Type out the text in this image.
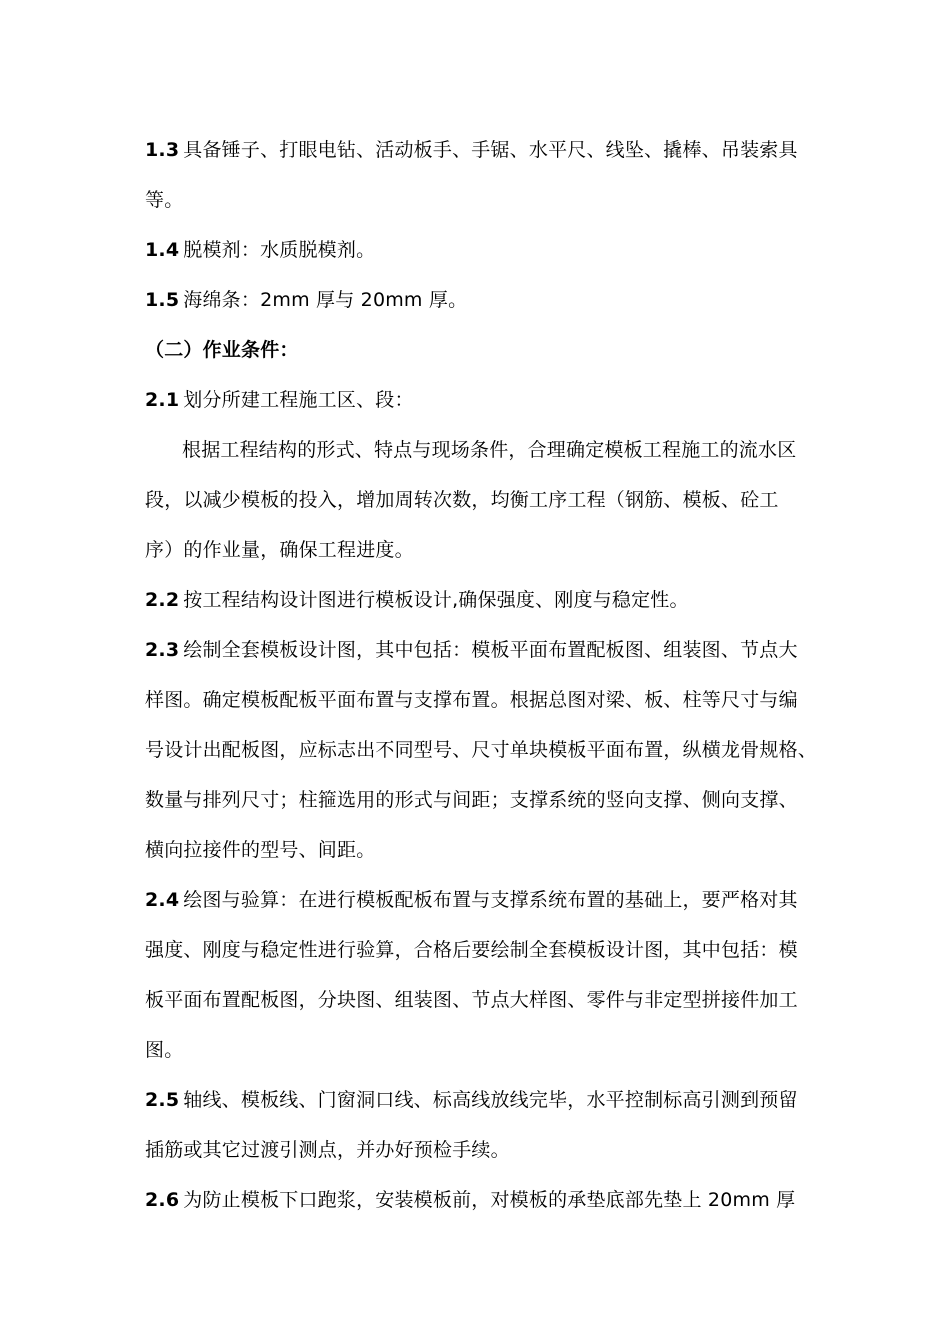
1.3 具备锤子、打眼电钻、活动板手、手锯、水平尺、线坠、撬棒、吊装索具
等。
1.4 脱模剂：水质脱模剂。
1.5 海绵条：2mm 厚与 20mm 厚。
（二）作业条件：
2.1 划分所建工程施工区、段：
根据工程结构的形式、特点与现场条件，合理确定模板工程施工的流水区
段，以减少模板的投入，增加周转次数，均衡工序工程（钢筋、模板、砼工
序）的作业量，确保工程进度。
2.2 按工程结构设计图进行模板设计,确保强度、刚度与稳定性。
2.3 绘制全套模板设计图，其中包括：模板平面布置配板图、组装图、节点大
样图。确定模板配板平面布置与支撑布置。根据总图对梁、板、柱等尺寸与编
号设计出配板图，应标志出不同型号、尺寸单块模板平面布置，纵横龙骨规格、
数量与排列尺寸；柱箍选用的形式与间距；支撑系统的竖向支撑、侧向支撑、
横向拉接件的型号、间距。
2.4 绘图与验算：在进行模板配板布置与支撑系统布置的基础上，要严格对其
强度、刚度与稳定性进行验算，合格后要绘制全套模板设计图，其中包括：模
板平面布置配板图，分块图、组装图、节点大样图、零件与非定型拼接件加工
图。
2.5 轴线、模板线、门窗洞口线、标高线放线完毕，水平控制标高引测到预留
插筋或其它过渡引测点，并办好预检手续。
2.6 为防止模板下口跑浆，安装模板前，对模板的承垫底部先垫上 20mm 厚
